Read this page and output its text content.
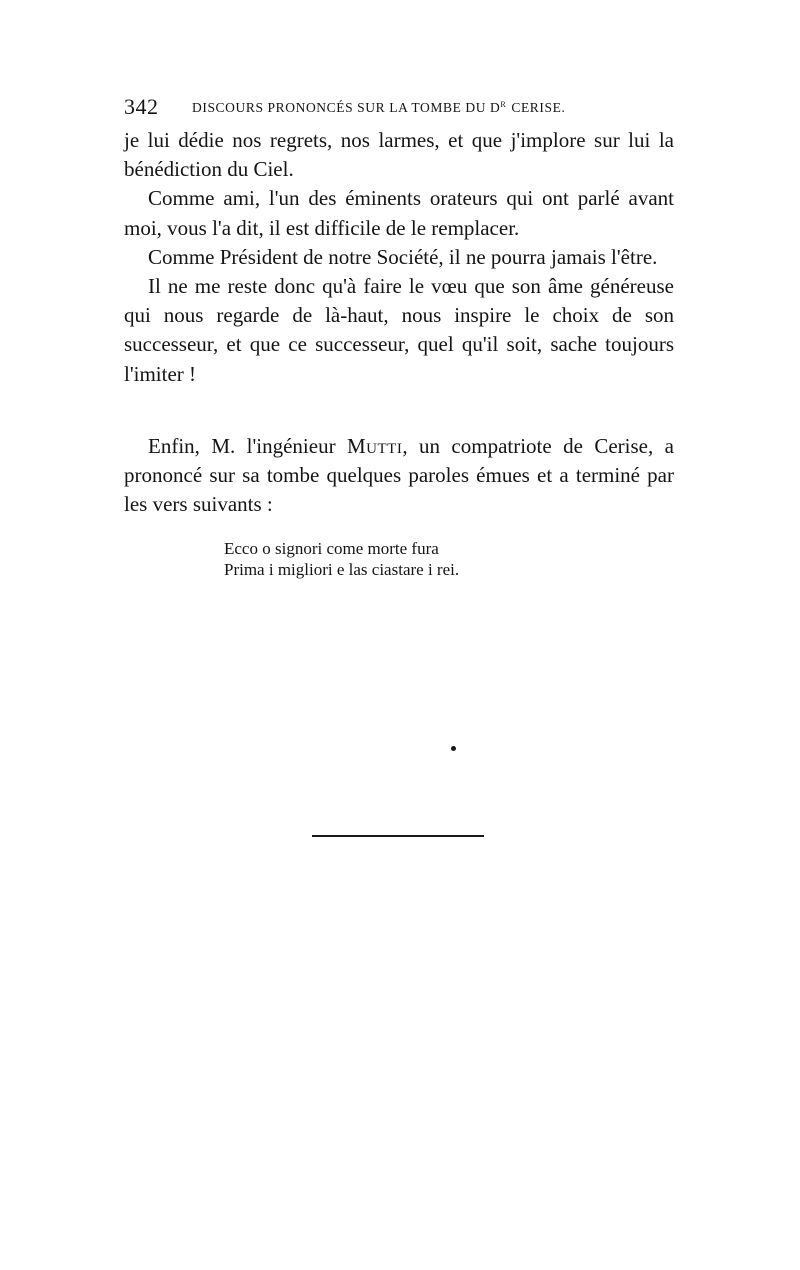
342 DISCOURS PRONONCÉS SUR LA TOMBE DU $D^R$ CERISE.

je lui dédie nos regrets, nos larmes, et que j'implore sur lui la bénédiction du Ciel.

Comme ami, l'un des éminents orateurs qui ont parlé avant moi, vous l'a dit, il est difficile de le remplacer.

Comme Président de notre Société, il ne pourra jamais l'être.

Il ne me reste donc qu'à faire le vœu que son âme généreuse qui nous regarde de là-haut, nous inspire le choix de son successeur, et que ce successeur, quel qu'il soit, sache toujours l'imiter !

Enfin, M. l'ingénieur Mutti, un compatriote de Cerise, a prononcé sur sa tombe quelques paroles émues et a terminé par les vers suivants :

Ecco o signori come morte fura
Prima i migliori e las ciastare i rei.
